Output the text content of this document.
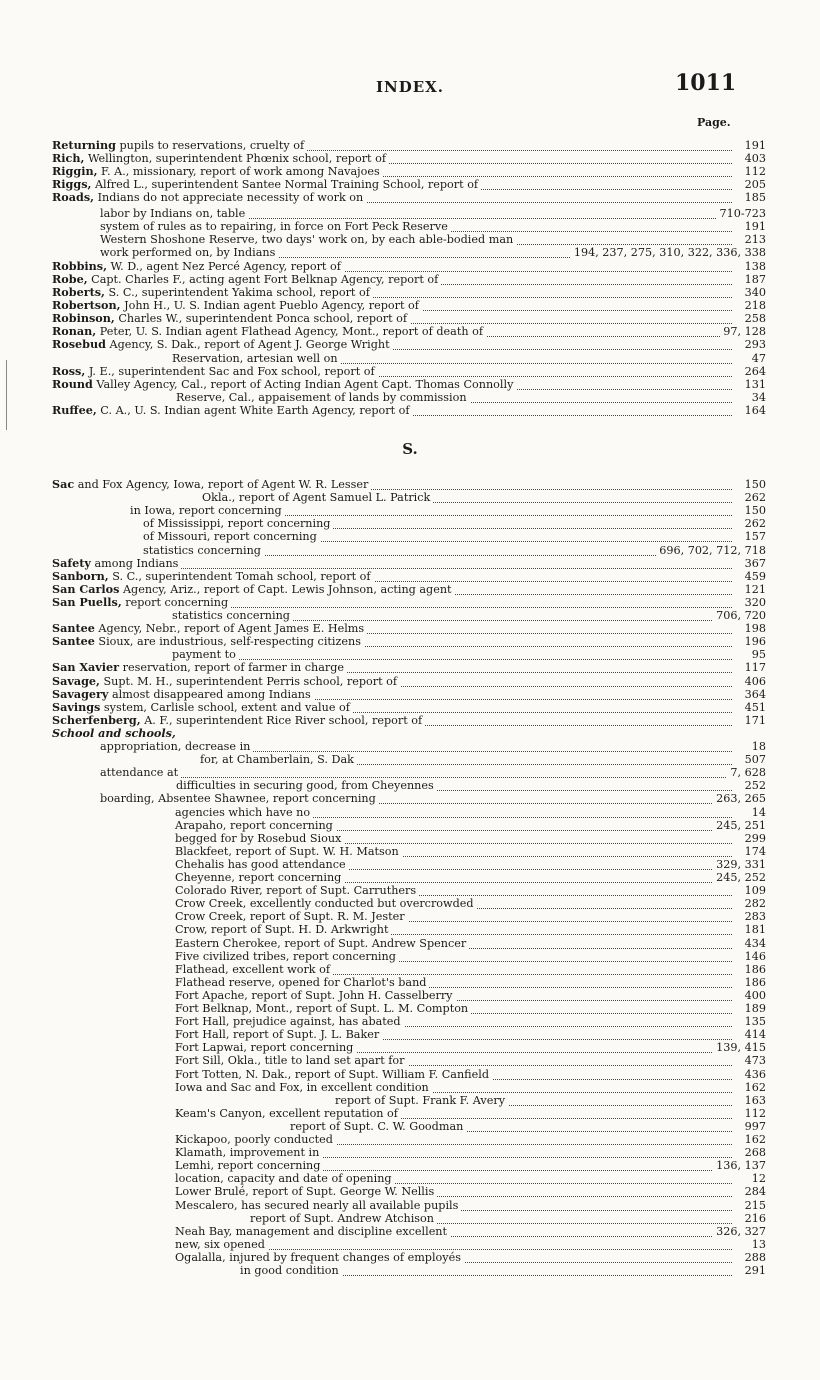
INDEX.	1011
Page.
S.
Returning pupils to reservations, cruelty of	191
Rich, Wellington, superintendent Phœnix school, report of	403
Riggin, F. A., missionary, report of work among Navajoes	112
Riggs, Alfred L., superintendent Santee Normal Training School, report of	205
Roads, Indians do not appreciate necessity of work on	185
labor by Indians on, table	710-723
system of rules as to repairing, in force on Fort Peck Reserve	191
Western Shoshone Reserve, two days' work on, by each able-bodied man	213
work performed on, by Indians	194, 237, 275, 310, 322, 336, 338
Robbins, W. D., agent Nez Percé Agency, report of	138
Robe, Capt. Charles F., acting agent Fort Belknap Agency, report of	187
Roberts, S. C., superintendent Yakima school, report of	340
Robertson, John H., U. S. Indian agent Pueblo Agency, report of	218
Robinson, Charles W., superintendent Ponca school, report of	258
Ronan, Peter, U. S. Indian agent Flathead Agency, Mont., report of death of	97, 128
Rosebud Agency, S. Dak., report of Agent J. George Wright	293
Reservation, artesian well on	47
Ross, J. E., superintendent Sac and Fox school, report of	264
Round Valley Agency, Cal., report of Acting Indian Agent Capt. Thomas Connolly	131
Reserve, Cal., appaisement of lands by commission	34
Ruffee, C. A., U. S. Indian agent White Earth Agency, report of	164
Sac and Fox Agency, Iowa, report of Agent W. R. Lesser	150
Okla., report of Agent Samuel L. Patrick	262
in Iowa, report concerning	150
of Mississippi, report concerning	262
of Missouri, report concerning	157
statistics concerning	696, 702, 712, 718
Safety among Indians	367
Sanborn, S. C., superintendent Tomah school, report of	459
San Carlos Agency, Ariz., report of Capt. Lewis Johnson, acting agent	121
San Puells, report concerning	320
statistics concerning	706, 720
Santee Agency, Nebr., report of Agent James E. Helms	198
Santee Sioux, are industrious, self-respecting citizens	196
payment to	95
San Xavier reservation, report of farmer in charge	117
Savage, Supt. M. H., superintendent Perris school, report of	406
Savagery almost disappeared among Indians	364
Savings system, Carlisle school, extent and value of	451
Scherfenberg, A. F., superintendent Rice River school, report of	171
School and schools,
appropriation, decrease in	18
for, at Chamberlain, S. Dak	507
attendance at	7, 628
difficulties in securing good, from Cheyennes	252
boarding, Absentee Shawnee, report concerning	263, 265
agencies which have no	14
Arapaho, report concerning	245, 251
begged for by Rosebud Sioux	299
Blackfeet, report of Supt. W. H. Matson	174
Chehalis has good attendance	329, 331
Cheyenne, report concerning	245, 252
Colorado River, report of Supt. Carruthers	109
Crow Creek, excellently conducted but overcrowded	282
Crow Creek, report of Supt. R. M. Jester	283
Crow, report of Supt. H. D. Arkwright	181
Eastern Cherokee, report of Supt. Andrew Spencer	434
Five civilized tribes, report concerning	146
Flathead, excellent work of	186
Flathead reserve, opened for Charlot's band	186
Fort Apache, report of Supt. John H. Casselberry	400
Fort Belknap, Mont., report of Supt. L. M. Compton	189
Fort Hall, prejudice against, has abated	135
Fort Hall, report of Supt. J. L. Baker	414
Fort Lapwai, report concerning	139, 415
Fort Sill, Okla., title to land set apart for	473
Fort Totten, N. Dak., report of Supt. William F. Canfield	436
Iowa and Sac and Fox, in excellent condition	162
report of Supt. Frank F. Avery	163
Keam's Canyon, excellent reputation of	112
report of Supt. C. W. Goodman	997
Kickapoo, poorly conducted	162
Klamath, improvement in	268
Lemhi, report concerning	136, 137
location, capacity and date of opening	12
Lower Brulé, report of Supt. George W. Nellis	284
Mescalero, has secured nearly all available pupils	215
report of Supt. Andrew Atchison	216
Neah Bay, management and discipline excellent	326, 327
new, six opened	13
Ogalalla, injured by frequent changes of employés	288
in good condition	291
